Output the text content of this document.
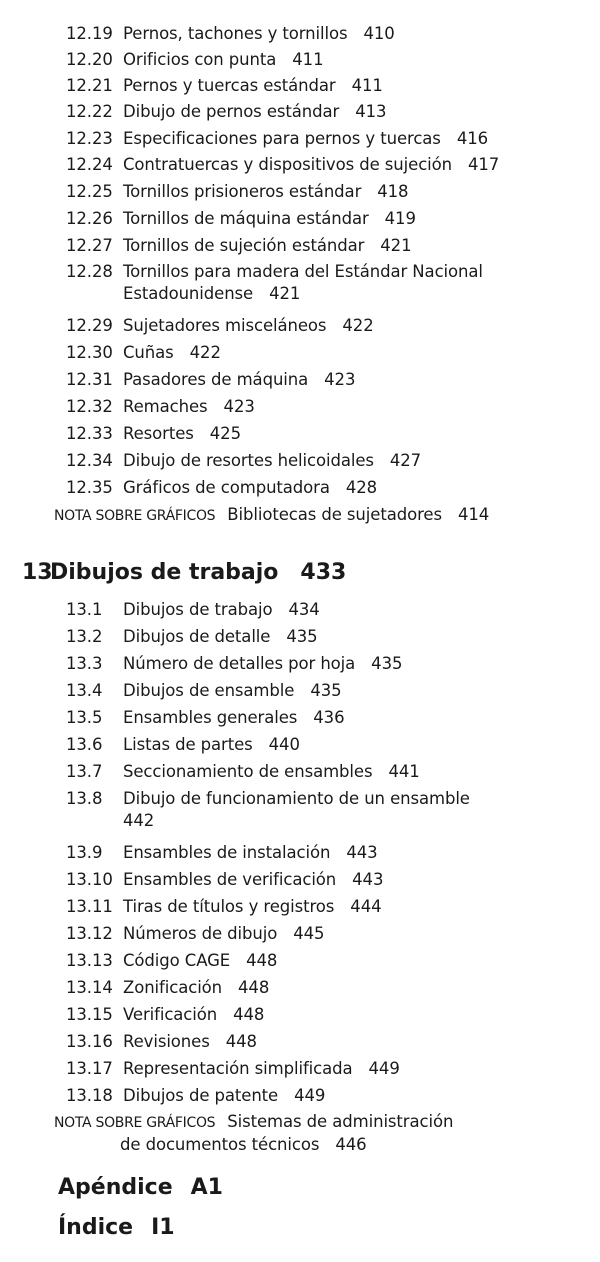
12.19 Pernos, tachones y tornillos 410
12.20 Orificios con punta 411
12.21 Pernos y tuercas estándar 411
12.22 Dibujo de pernos estándar 413
12.23 Especificaciones para pernos y tuercas 416
12.24 Contratuercas y dispositivos de sujeción 417
12.25 Tornillos prisioneros estándar 418
12.26 Tornillos de máquina estándar 419
12.27 Tornillos de sujeción estándar 421
12.28 Tornillos para madera del Estándar Nacional
Estadounidense 421
12.29 Sujetadores misceláneos 422
12.30 Cuñas 422
12.31 Pasadores de máquina 423
12.32 Remaches 423
12.33 Resortes 425
12.34 Dibujo de resortes helicoidales 427
12.35 Gráficos de computadora 428
NOTA SOBRE GRÁFICOS Bibliotecas de sujetadores 414
13Dibujos de trabajo 433
13.1 Dibujos de trabajo 434
13.2 Dibujos de detalle 435
13.3 Número de detalles por hoja 435
13.4 Dibujos de ensamble 435
13.5 Ensambles generales 436
13.6 Listas de partes 440
13.7 Seccionamiento de ensambles 441
13.8 Dibujo de funcionamiento de un ensamble
442
13.9 Ensambles de instalación 443
13.10 Ensambles de verificación 443
13.11 Tiras de títulos y registros 444
13.12 Números de dibujo 445
13.13 Código CAGE 448
13.14 Zonificación 448
13.15 Verificación 448
13.16 Revisiones 448
13.17 Representación simplificada 449
13.18 Dibujos de patente 449
NOTA SOBRE GRÁFICOS Sistemas de administración
de documentos técnicos 446
Apéndice A1
Índice I1
